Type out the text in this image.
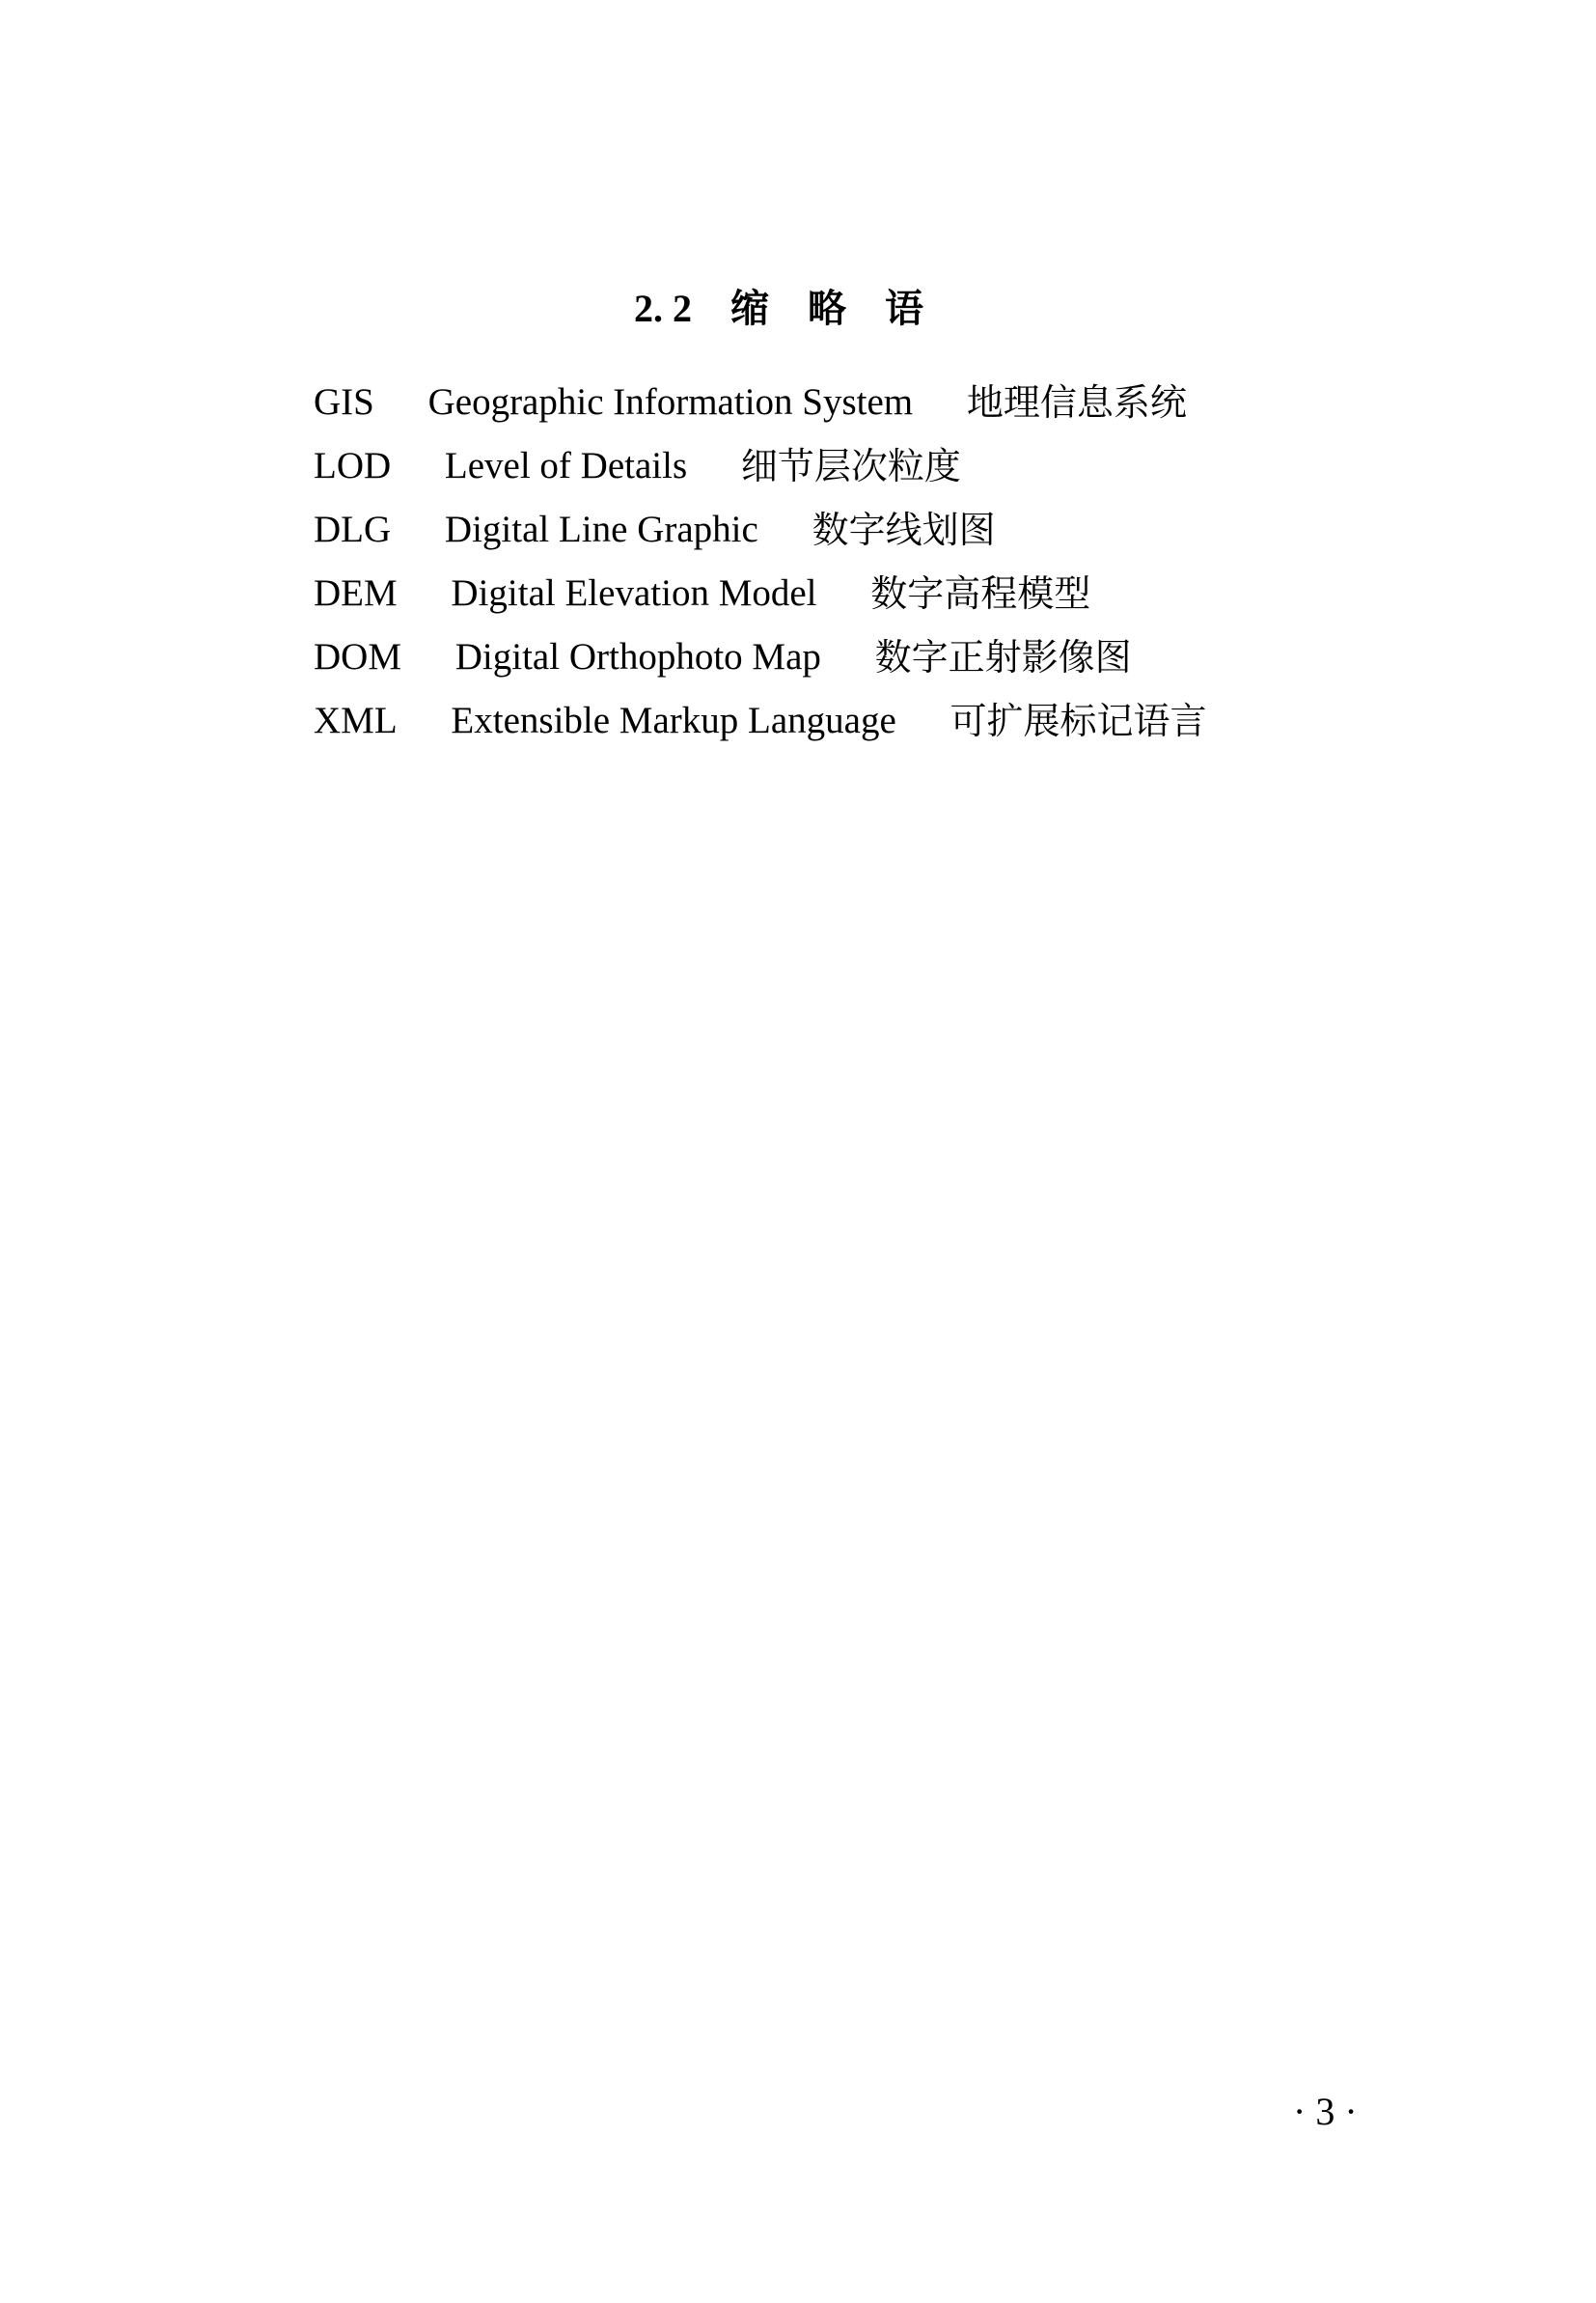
2. 2 缩略语
GIS Geographic Information System 地理信息系统
LOD Level of Details 细节层次粒度
DLG Digital Line Graphic 数字线划图
DEM Digital Elevation Model 数字高程模型
DOM Digital Orthophoto Map 数字正射影像图
XML Extensible Markup Language 可扩展标记语言
· 3 ·
